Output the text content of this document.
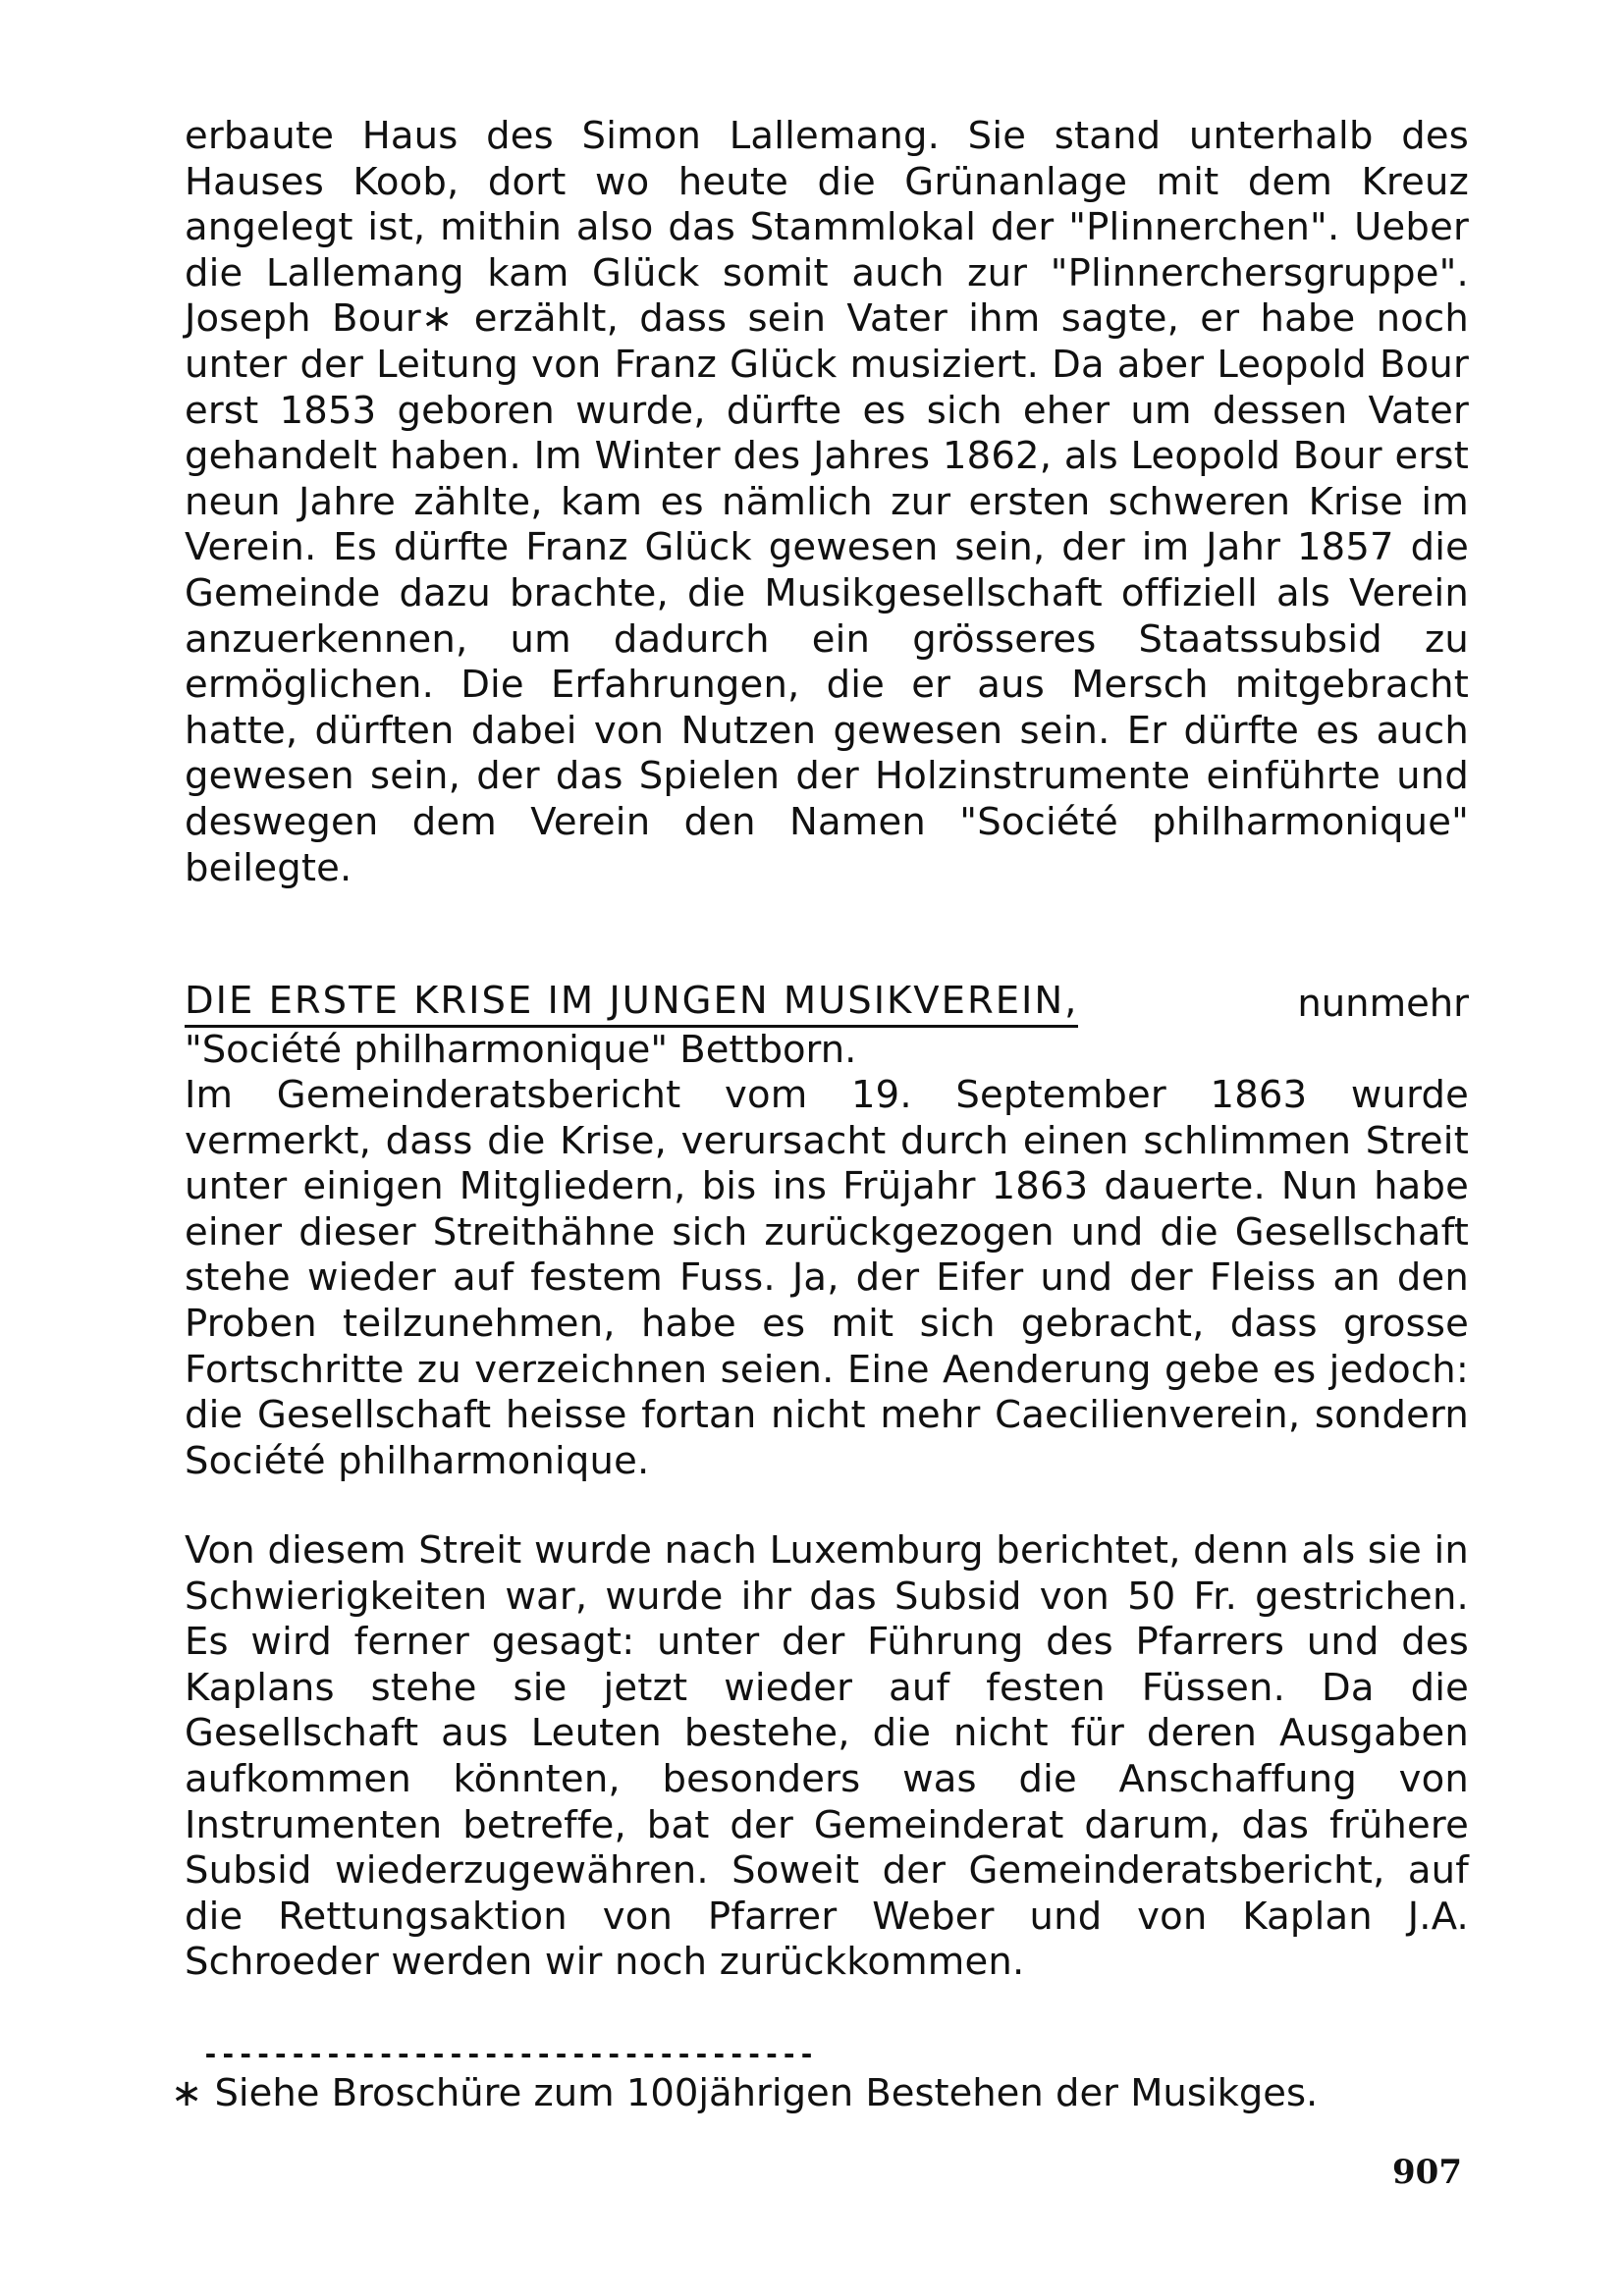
erbaute Haus des Simon Lallemang. Sie stand unterhalb des Hauses Koob, dort wo heute die Grünanlage mit dem Kreuz angelegt ist, mithin also das Stammlokal der "Plinnerchen". Ueber die Lallemang kam Glück somit auch zur "Plinnerchersgruppe". Joseph Bour∗ erzählt, dass sein Vater ihm sagte, er habe noch unter der Leitung von Franz Glück musiziert. Da aber Leopold Bour erst 1853 geboren wurde, dürfte es sich eher um dessen Vater gehandelt haben. Im Winter des Jahres 1862, als Leopold Bour erst neun Jahre zählte, kam es nämlich zur ersten schweren Krise im Verein. Es dürfte Franz Glück gewesen sein, der im Jahr 1857 die Gemeinde dazu brachte, die Musikgesellschaft offiziell als Verein anzuerkennen, um dadurch ein grösseres Staatssubsid zu ermöglichen. Die Erfahrungen, die er aus Mersch mitgebracht hatte, dürften dabei von Nutzen gewesen sein. Er dürfte es auch gewesen sein, der das Spielen der Holzinstrumente einführte und deswegen dem Verein den Namen "Société philharmonique" beilegte.
DIE ERSTE KRISE IM JUNGEN MUSIKVEREIN,	nunmehr
"Société philharmonique" Bettborn.
Im Gemeinderatsbericht vom 19. September 1863 wurde vermerkt, dass die Krise, verursacht durch einen schlimmen Streit unter einigen Mitgliedern, bis ins Früjahr 1863 dauerte. Nun habe einer dieser Streithähne sich zurückgezogen und die Gesellschaft stehe wieder auf festem Fuss. Ja, der Eifer und der Fleiss an den Proben teilzunehmen, habe es mit sich gebracht, dass grosse Fortschritte zu verzeichnen seien. Eine Aenderung gebe es jedoch: die Gesellschaft heisse fortan nicht mehr Caecilienverein, sondern Société philharmonique.
Von diesem Streit wurde nach Luxemburg berichtet, denn als sie in Schwierigkeiten war, wurde ihr das Subsid von 50 Fr. gestrichen. Es wird ferner gesagt: unter der Führung des Pfarrers und des Kaplans stehe sie jetzt wieder auf festen Füssen. Da die Gesellschaft aus Leuten bestehe, die nicht für deren Ausgaben aufkommen könnten, besonders was die Anschaffung von Instrumenten betreffe, bat der Gemeinderat darum, das frühere Subsid wiederzugewähren. Soweit der Gemeinderatsbericht, auf die Rettungsaktion von Pfarrer Weber und von Kaplan J.A. Schroeder werden wir noch zurückkommen.
-----------------------------------
∗ Siehe Broschüre zum 100jährigen Bestehen der Musikges.
907
